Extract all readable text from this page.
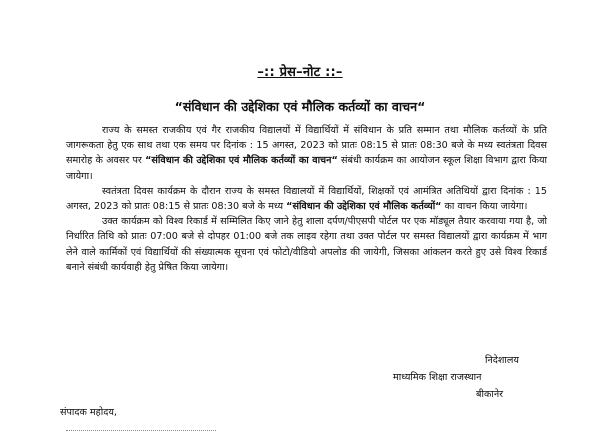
–:: प्रेस–नोट ::–
“संविधान की उद्देशिका एवं मौलिक कर्तव्यों का वाचन“

राज्य के समस्त राजकीय एवं गैर राजकीय विद्यालयों में विद्यार्थियों में संविधान के प्रति सम्मान तथा मौलिक कर्तव्यों के प्रति जागरूकता हेतु एक साथ तथा एक समय पर दिनांक : 15 अगस्त, 2023 को प्रातः 08:15 से प्रातः 08:30 बजे के मध्य स्वतंत्रता दिवस समारोह के अवसर पर “संविधान की उद्देशिका एवं मौलिक कर्तव्यों का वाचन“ संबंधी कार्यक्रम का आयोजन स्कूल शिक्षा विभाग द्वारा किया जायेगा।

स्वतंत्रता दिवस कार्यक्रम के दौरान राज्य के समस्त विद्यालयों में विद्यार्थियों, शिक्षकों एवं आमंत्रित अतिथियों द्वारा दिनांक : 15 अगस्त, 2023 को प्रातः 08:15 से प्रातः 08:30 बजे के मध्य “संविधान की उद्देशिका एवं मौलिक कर्तव्यों“ का वाचन किया जायेगा।

उक्त कार्यक्रम को विश्व रिकार्ड में सम्मिलित किए जाने हेतु शाला दर्पण/पीएसपी पोर्टल पर एक मॉड्यूल तैयार करवाया गया है, जो निर्धारित तिथि को प्रातः 07:00 बजे से दोपहर 01:00 बजे तक लाइव रहेगा तथा उक्त पोर्टल पर समस्त विद्यालयों द्वारा कार्यक्रम में भाग लेने वाले कार्मिकों एवं विद्यार्थियों की संख्यात्मक सूचना एवं फोटो/वीडियो अपलोड की जायेगी, जिसका आंकलन करते हुए उसे विश्व रिकार्ड बनाने संबंधी कार्यवाही हेतु प्रेषित किया जायेगा।

निदेशालय
माध्यमिक शिक्षा राजस्थान
बीकानेर
संपादक महोदय,
